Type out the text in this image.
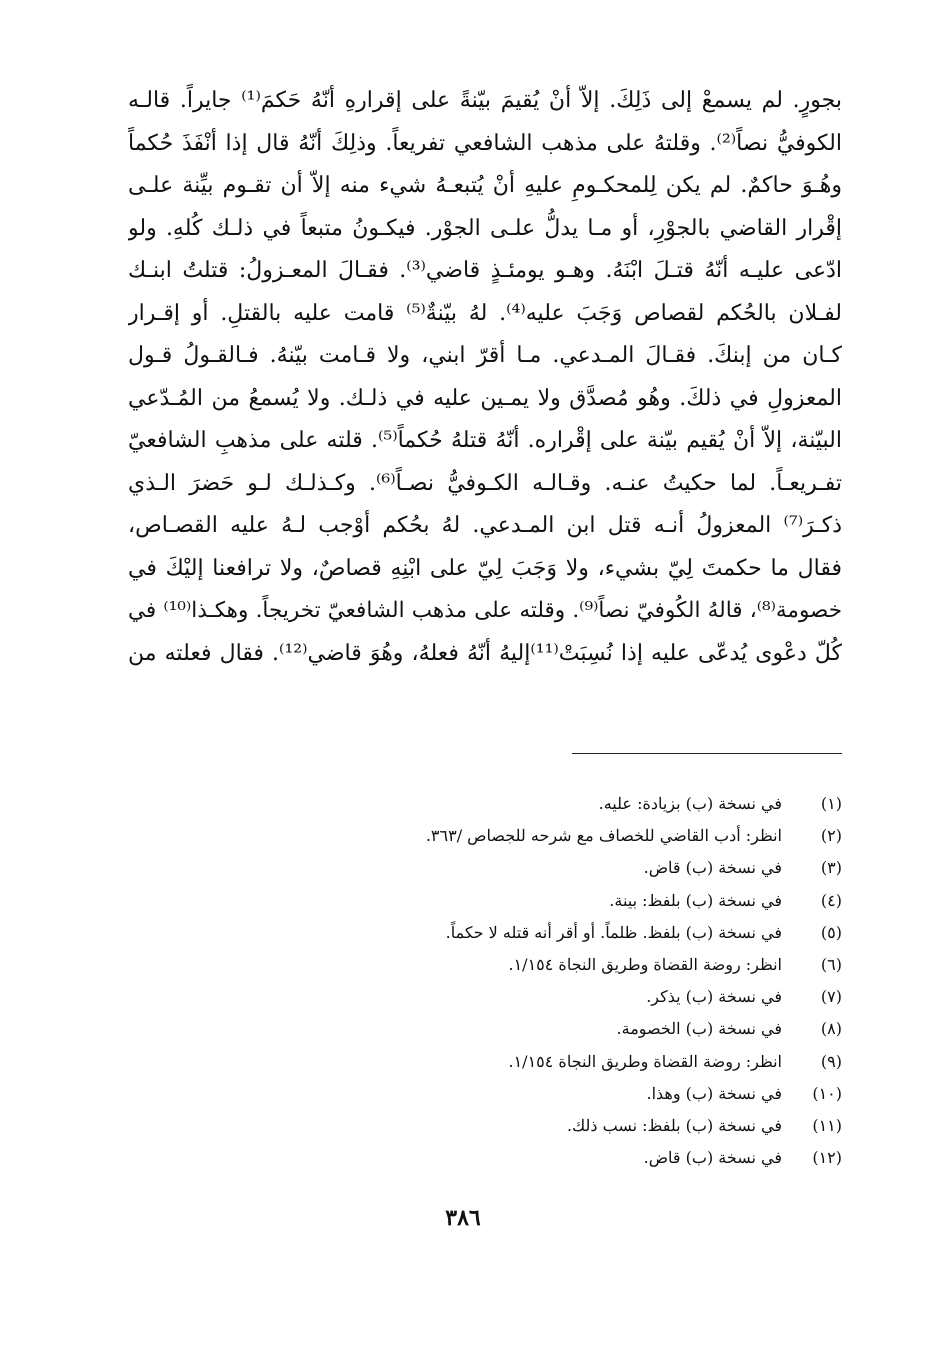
بجورٍ. لم يسمعْ إلى ذَلِكَ. إلاّ أنْ يُقيمَ بيّنةً على إقرارهِ أنّهُ حَكمَ⁽¹⁾ جايراً. قالـه
الكوفيُّ نصاً⁽²⁾. وقلتهُ على مذهب الشافعي تفريعاً. وذلِكَ أنّهُ قال إذا أنْفَذَ حُكماً
وهُـوَ حاكمٌ. لم يكن لِلمحكـومِ عليهِ أنْ يُتبعـهُ شيء منه إلاّ أن تقـوم بيِّنة علـى
إقْرار القاضي بالجوْرِ، أو مـا يدلُّ علـى الجوْر. فيكـونُ متبعاً في ذلـك كُلهِ. ولو
ادّعى عليـه أنّهُ قتـلَ ابْنَهُ. وهـو يومئـذٍ قاضي⁽³⁾. فقـالَ المعـزولُ: قتلتُ ابنـك
لفـلان بالحُكم لقصاص وَجَبَ عليه⁽⁴⁾. لهُ بيّنةٌ⁽⁵⁾ قامت عليه بالقتلِ. أو إقـرار
كـان من إبنكَ. فقـالَ المـدعي. مـا أقرّ ابني، ولا قـامت بيّنهُ. فـالقـولُ قـول
المعزولِ في ذلكَ. وهُو مُصدَّق ولا يمـين عليه في ذلـك. ولا يُسمعُ من المُـدّعي
البيّنة، إلاّ أنْ يُقيم بيّنة على إقْراره. أنّهُ قتلهُ حُكماً⁽⁵⁾. قلته على مذهبِ الشافعيّ
تفـريعـاً. لما حكيتُ عنـه. وقـالـه الكـوفيُّ نصـاً⁽⁶⁾. وكـذلـك لـو حَضرَ الـذي
ذكـرَ⁽⁷⁾ المعزولُ أنـه قتل ابن المـدعي. لهُ بحُكم أوْجب لـهُ عليه القصـاص،
فقال ما حكمتَ لِيّ بشيء، ولا وَجَبَ لِيّ على ابْنِهِ قصاصٌ، ولا ترافعنا إليْكَ في
خصومة⁽⁸⁾، قالهُ الكُوفيّ نصاً⁽⁹⁾. وقلته على مذهب الشافعيّ تخريجاً. وهكـذا⁽¹⁰⁾ في
كُلّ دعْوى يُدعّى عليه إذا نُسِبَتْ⁽¹¹⁾إليهُ أنّهُ فعلهُ، وهُوَ قاضي⁽¹²⁾. فقال فعلته من
(١)
في نسخة (ب) بزيادة: عليه.
(٢)
انظر: أدب القاضي للخصاف مع شرحه للجصاص /٣٦٣.
(٣)
في نسخة (ب) قاض.
(٤)
في نسخة (ب) بلفظ: بينة.
(٥)
في نسخة (ب) بلفظ. ظلماً. أو أقر أنه قتله لا حكماً.
(٦)
انظر: روضة القضاة وطريق النجاة ١/١٥٤.
(٧)
في نسخة (ب) يذكر.
(٨)
في نسخة (ب) الخصومة.
(٩)
انظر: روضة القضاة وطريق النجاة ١/١٥٤.
(١٠)
في نسخة (ب) وهذا.
(١١)
في نسخة (ب) بلفظ: نسب ذلك.
(١٢)
في نسخة (ب) قاض.
٣٨٦
